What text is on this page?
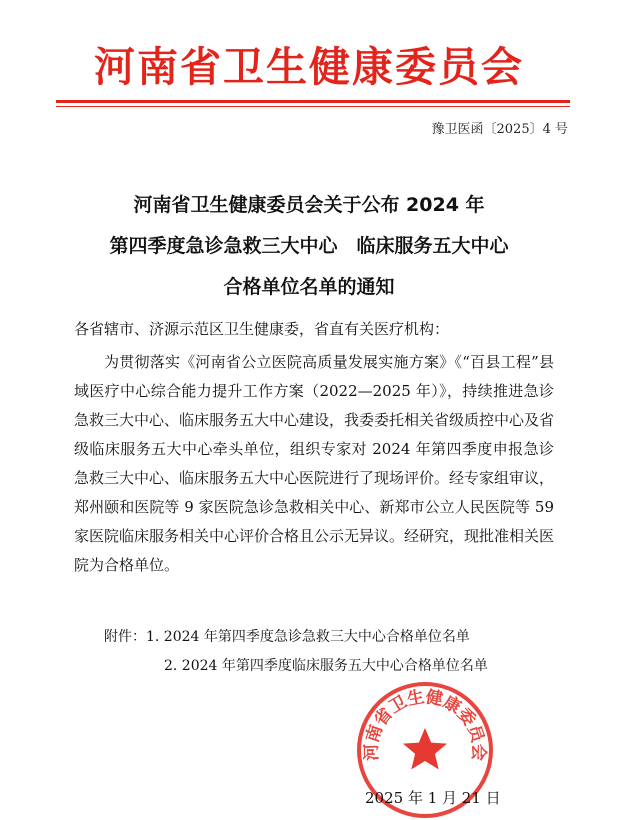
河南省卫生健康委员会
豫卫医函〔2025〕4 号
河南省卫生健康委员会关于公布 2024 年
第四季度急诊急救三大中心　临床服务五大中心
合格单位名单的通知
各省辖市、济源示范区卫生健康委，省直有关医疗机构：
为贯彻落实《河南省公立医院高质量发展实施方案》《“百县工程”县域医疗中心综合能力提升工作方案（2022—2025 年）》，持续推进急诊急救三大中心、临床服务五大中心建设，我委委托相关省级质控中心及省级临床服务五大中心牵头单位，组织专家对 2024 年第四季度申报急诊急救三大中心、临床服务五大中心医院进行了现场评价。经专家组审议，郑州颐和医院等 9 家医院急诊急救相关中心、新郑市公立人民医院等 59 家医院临床服务相关中心评价合格且公示无异议。经研究，现批准相关医院为合格单位。
附件：1. 2024 年第四季度急诊急救三大中心合格单位名单
2. 2024 年第四季度临床服务五大中心合格单位名单
河南省卫生健康委员会
2025 年 1 月 21 日
